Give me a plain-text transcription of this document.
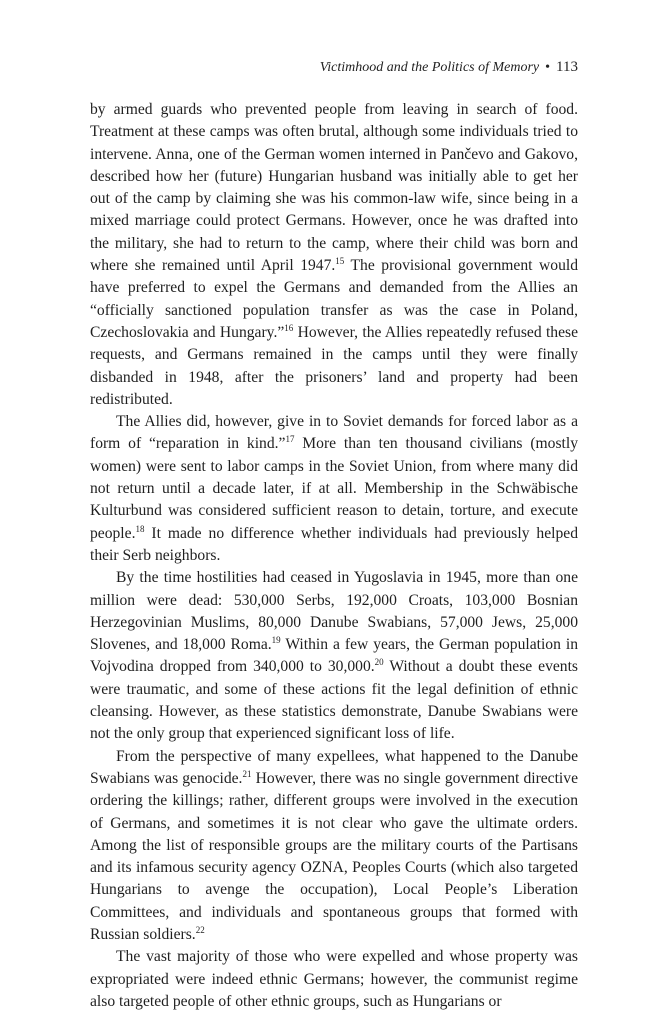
Victimhood and the Politics of Memory • 113

by armed guards who prevented people from leaving in search of food. Treatment at these camps was often brutal, although some individuals tried to intervene. Anna, one of the German women interned in Pančevo and Gakovo, described how her (future) Hungarian husband was initially able to get her out of the camp by claiming she was his common-law wife, since being in a mixed marriage could protect Germans. However, once he was drafted into the military, she had to return to the camp, where their child was born and where she remained until April 1947.15 The provisional government would have preferred to expel the Germans and demanded from the Allies an “officially sanctioned population transfer as was the case in Poland, Czechoslovakia and Hungary.”$^{16}$ However, the Allies repeatedly refused these requests, and Germans remained in the camps until they were finally disbanded in 1948, after the prisoners’ land and property had been redistributed.

The Allies did, however, give in to Soviet demands for forced labor as a form of “reparation in kind.”$^{17}$ More than ten thousand civilians (mostly women) were sent to labor camps in the Soviet Union, from where many did not return until a decade later, if at all. Membership in the Schwäbische Kulturbund was considered sufficient reason to detain, torture, and execute people.$^{18}$ It made no difference whether individuals had previously helped their Serb neighbors.

By the time hostilities had ceased in Yugoslavia in 1945, more than one million were dead: 530,000 Serbs, 192,000 Croats, 103,000 Bosnian Herzegovinian Muslims, 80,000 Danube Swabians, 57,000 Jews, 25,000 Slovenes, and 18,000 Roma.$^{19}$ Within a few years, the German population in Vojvodina dropped from 340,000 to 30,000.20 Without a doubt these events were traumatic, and some of these actions fit the legal definition of ethnic cleansing. However, as these statistics demonstrate, Danube Swabians were not the only group that experienced significant loss of life.

From the perspective of many expellees, what happened to the Danube Swabians was genocide.$^{21}$ However, there was no single government directive ordering the killings; rather, different groups were involved in the execution of Germans, and sometimes it is not clear who gave the ultimate orders. Among the list of responsible groups are the military courts of the Partisans and its infamous security agency OZNA, Peoples Courts (which also targeted Hungarians to avenge the occupation), Local People’s Liberation Committees, and individuals and spontaneous groups that formed with Russian soldiers.$^{22}$

The vast majority of those who were expelled and whose property was expropriated were indeed ethnic Germans; however, the communist regime also targeted people of other ethnic groups, such as Hungarians or
